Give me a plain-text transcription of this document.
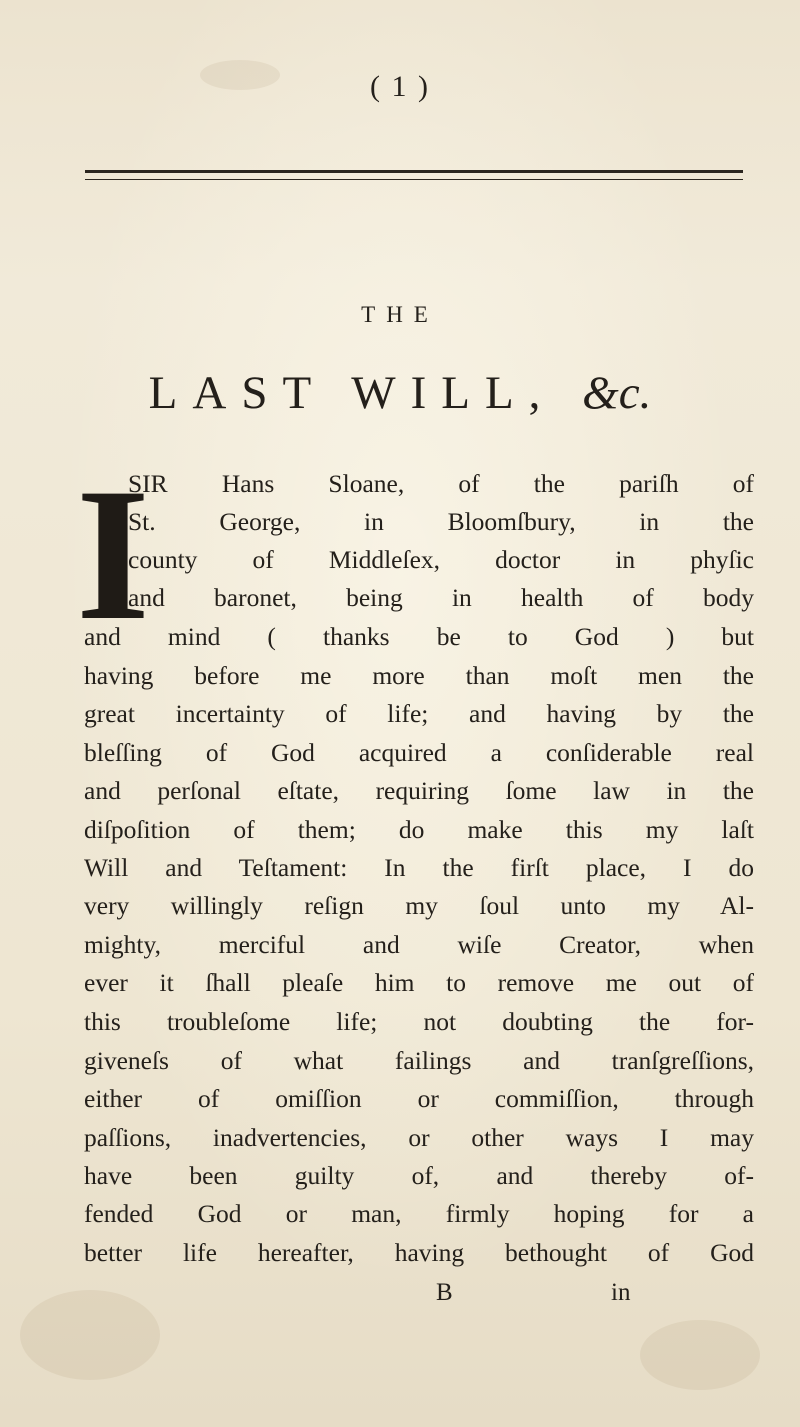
( 1 )
THE
LAST WILL, &c.
I
SIR Hans Sloane, of the pariſh of
St. George, in Bloomſbury, in the
county of Middleſex, doctor in phyſic
and baronet, being in health of body
and mind ( thanks be to God ) but
having before me more than moſt men the
great incertainty of life; and having by the
bleſſing of God acquired a conſiderable real
and perſonal eſtate, requiring ſome law in the
diſpoſition of them; do make this my laſt
Will and Teſtament: In the firſt place, I do
very willingly reſign my ſoul unto my Al-
mighty, merciful and wiſe Creator, when
ever it ſhall pleaſe him to remove me out of
this troubleſome life; not doubting the for-
giveneſs of what failings and tranſgreſſions,
either of omiſſion or commiſſion, through
paſſions, inadvertencies, or other ways I may
have been guilty of, and thereby of-
fended God or man, firmly hoping for a
better life hereafter, having bethought of God
B	in
